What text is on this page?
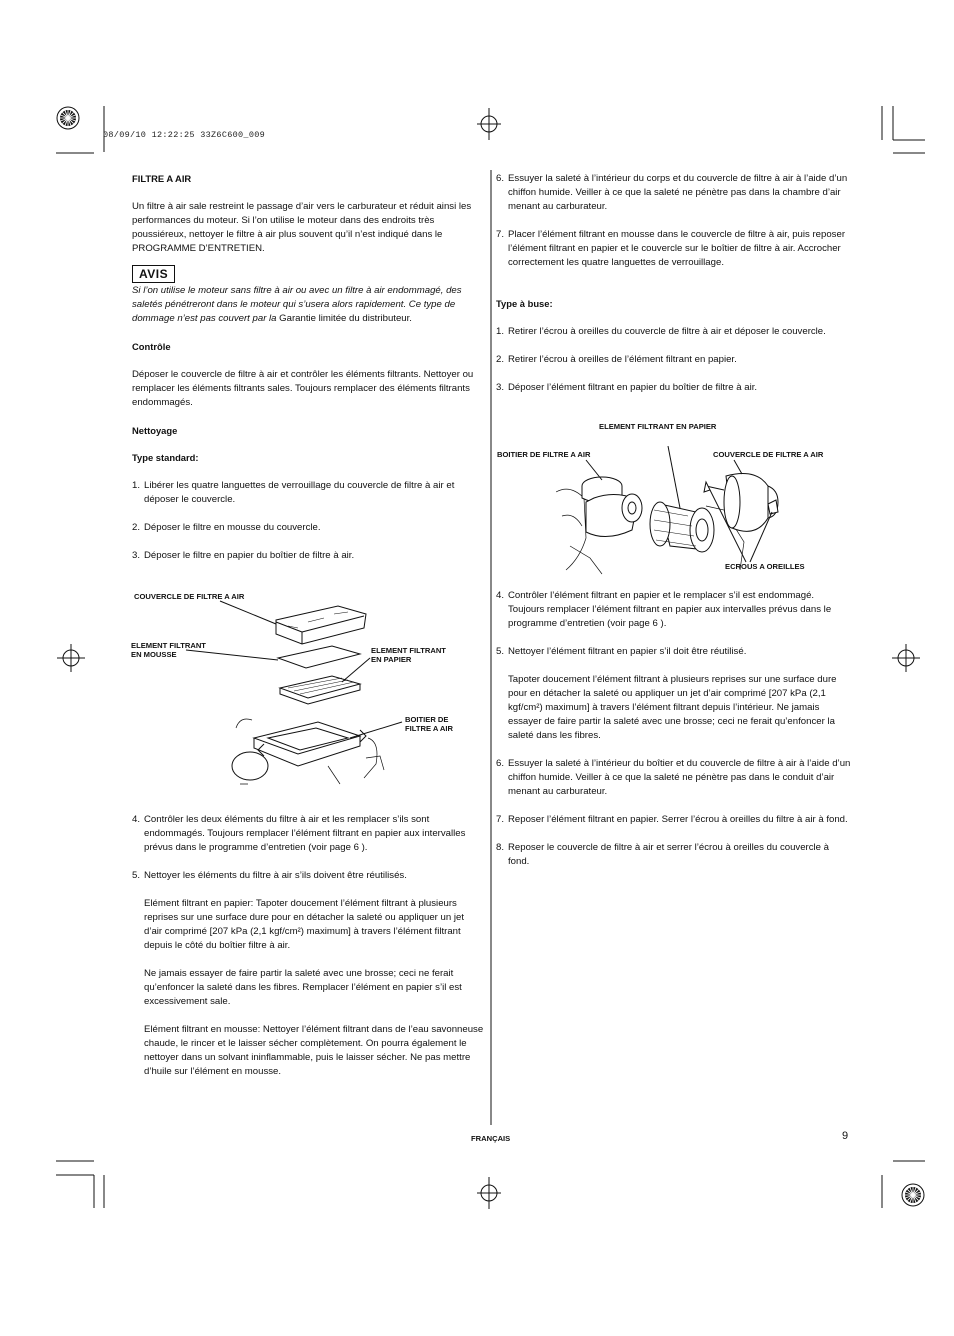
08/09/10 12:22:25 33Z6C600_009

FILTRE A AIR

Un filtre à air sale restreint le passage d’air vers le carburateur et réduit ainsi les performances du moteur. Si l’on utilise le moteur dans des endroits très poussiéreux, nettoyer le filtre à air plus souvent qu’il n’est indiqué dans le PROGRAMME D’ENTRETIEN.

AVIS

Si l’on utilise le moteur sans filtre à air ou avec un filtre à air endommagé, des saletés pénétreront dans le moteur qui s’usera alors rapidement. Ce type de dommage n’est pas couvert par la Garantie limitée du distributeur.

Contrôle

Déposer le couvercle de filtre à air et contrôler les éléments filtrants. Nettoyer ou remplacer les éléments filtrants sales. Toujours remplacer des éléments filtrants endommagés.

Nettoyage

Type standard:

1. Libérer les quatre languettes de verrouillage du couvercle de filtre à air et déposer le couvercle.
2. Déposer le filtre en mousse du couvercle.
3. Déposer le filtre en papier du boîtier de filtre à air.
COUVERCLE DE FILTRE A AIR
ELEMENT FILTRANT
EN MOUSSE	ELEMENT FILTRANT
EN PAPIER
BOITIER DE
FILTRE A AIR
4. Contrôler les deux éléments du filtre à air et les remplacer s’ils sont endommagés. Toujours remplacer l’élément filtrant en papier aux intervalles prévus dans le programme d’entretien (voir page 6 ).
5. Nettoyer les éléments du filtre à air s’ils doivent être réutilisés.

Elément filtrant en papier: Tapoter doucement l’élément filtrant à plusieurs reprises sur une surface dure pour en détacher la saleté ou appliquer un jet d’air comprimé [207 kPa (2,1 kgf/cm²) maximum] à travers l’élément filtrant depuis le côté du boîtier filtre à air.

Ne jamais essayer de faire partir la saleté avec une brosse; ceci ne ferait qu’enfoncer la saleté dans les fibres. Remplacer l’élément en papier s’il est excessivement sale.

Elément filtrant en mousse: Nettoyer l’élément filtrant dans de l’eau savonneuse chaude, le rincer et le laisser sécher complètement. On pourra également le nettoyer dans un solvant ininflammable, puis le laisser sécher. Ne pas mettre d’huile sur l’élément en mousse.

6. Essuyer la saleté à l’intérieur du corps et du couvercle de filtre à air à l’aide d’un chiffon humide. Veiller à ce que la saleté ne pénètre pas dans la chambre d’air menant au carburateur.
7. Placer l’élément filtrant en mousse dans le couvercle de filtre à air, puis reposer l’élément filtrant en papier et le couvercle sur le boîtier de filtre à air. Accrocher correctement les quatre languettes de verrouillage.

Type à buse:

1. Retirer l’écrou à oreilles du couvercle de filtre à air et déposer le couvercle.
2. Retirer l’écrou à oreilles de l’élément filtrant en papier.
3. Déposer l’élément filtrant en papier du boîtier de filtre à air.
ELEMENT FILTRANT EN PAPIER
BOITIER DE FILTRE A AIR	COUVERCLE DE FILTRE A AIR
ECROUS A OREILLES
4. Contrôler l’élément filtrant en papier et le remplacer s’il est endommagé. Toujours remplacer l’élément filtrant en papier aux intervalles prévus dans le programme d’entretien (voir page 6 ).
5. Nettoyer l’élément filtrant en papier s’il doit être réutilisé.

Tapoter doucement l’élément filtrant à plusieurs reprises sur une surface dure pour en détacher la saleté ou appliquer un jet d’air comprimé [207 kPa (2,1 kgf/cm²) maximum] à travers l’élément filtrant depuis l’intérieur. Ne jamais essayer de faire partir la saleté avec une brosse; ceci ne ferait qu’enfoncer la saleté dans les fibres.

6. Essuyer la saleté à l’intérieur du boîtier et du couvercle de filtre à air à l’aide d’un chiffon humide. Veiller à ce que la saleté ne pénètre pas dans le conduit d’air menant au carburateur.
7. Reposer l’élément filtrant en papier. Serrer l’écrou à oreilles du filtre à air à fond.
8. Reposer le couvercle de filtre à air et serrer l’écrou à oreilles du couvercle à fond.
FRANÇAIS	9
